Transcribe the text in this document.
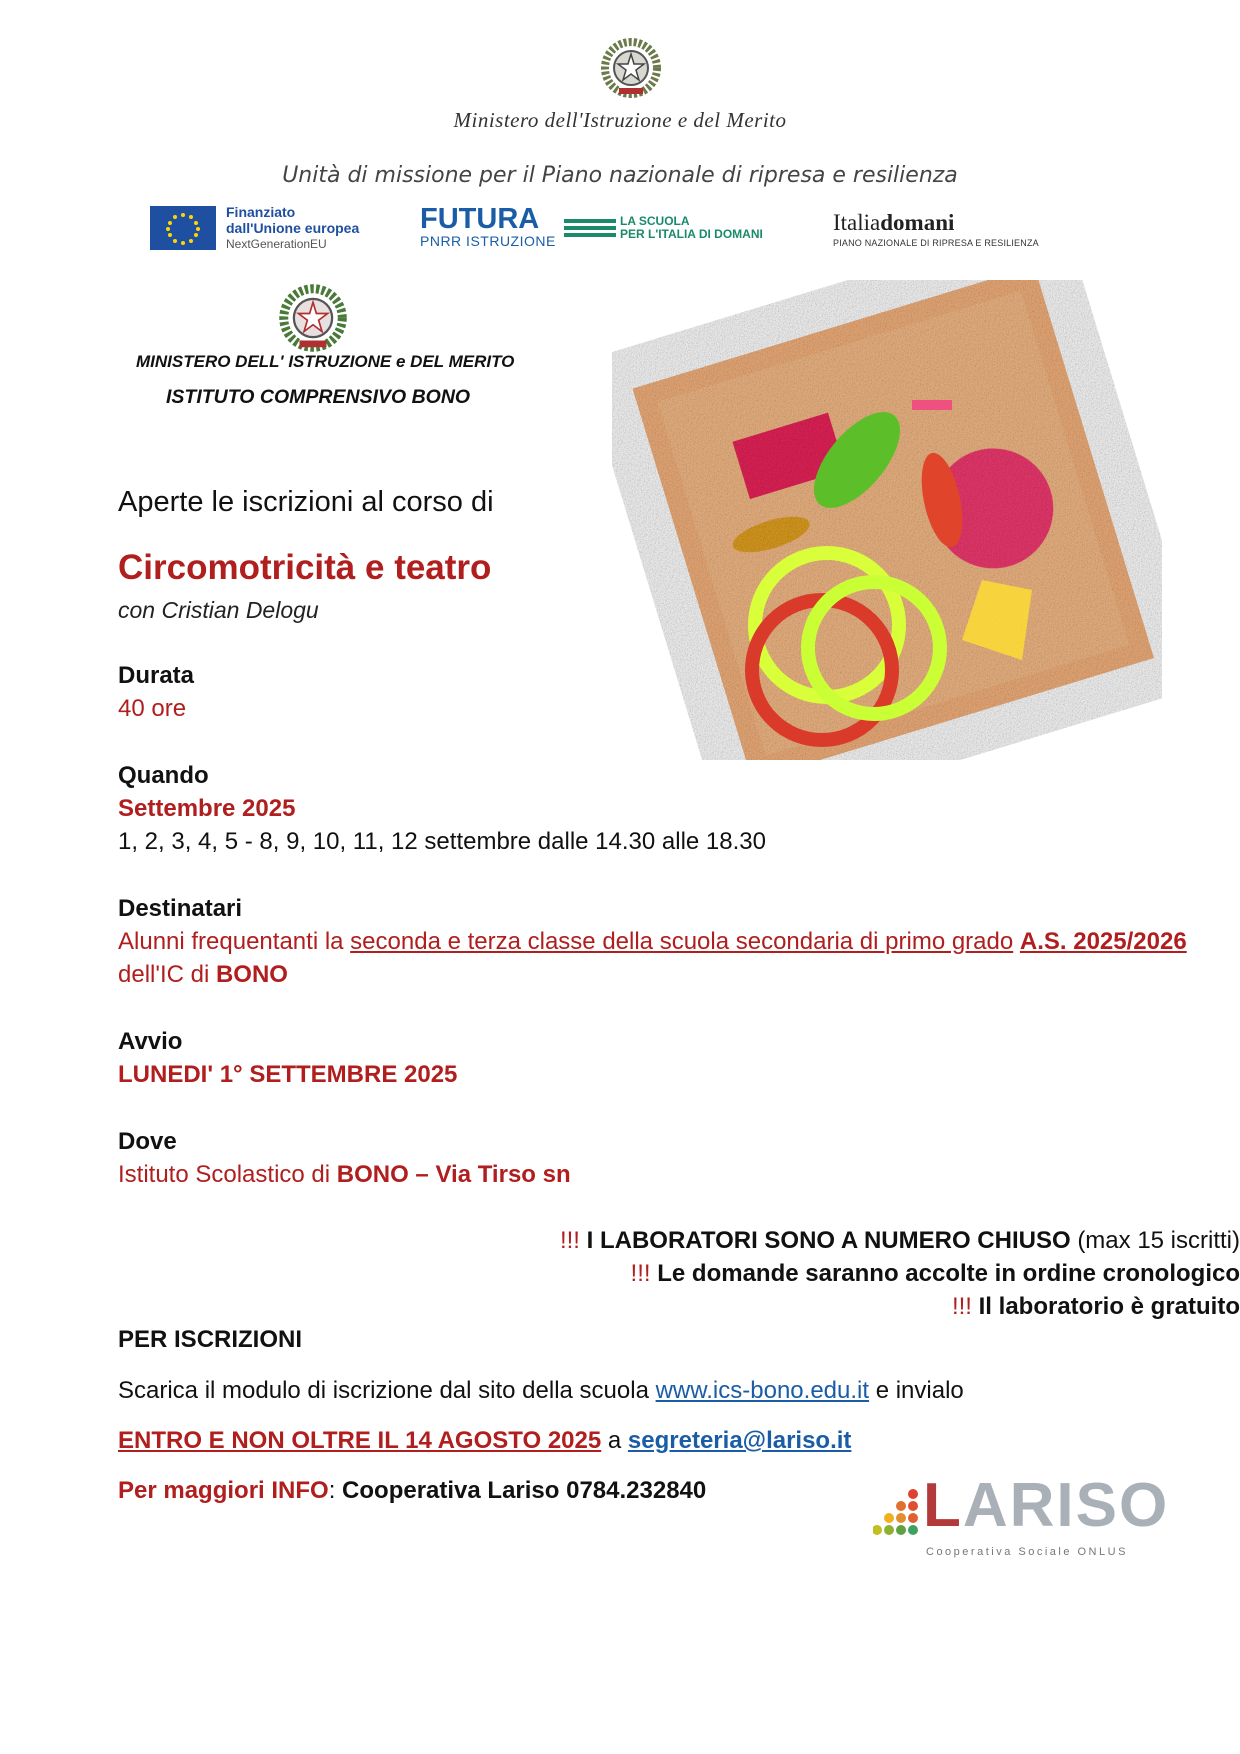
Ministero dell'Istruzione e del Merito
Unità di missione per il Piano nazionale di ripresa e resilienza
Finanziato
dall'Unione europea
NextGenerationEU
FUTURA
PNRR ISTRUZIONE
LA SCUOLA
PER L'ITALIA DI DOMANI	Italiadomani
PIANO NAZIONALE DI RIPRESA E RESILIENZA
MINISTERO DELL' ISTRUZIONE e DEL MERITO
ISTITUTO COMPRENSIVO BONO
Aperte le iscrizioni al corso di
Circomotricità e teatro
con Cristian Delogu
Durata
40 ore
Quando
Settembre 2025
1, 2, 3, 4, 5 - 8, 9, 10, 11, 12 settembre dalle 14.30 alle 18.30
Destinatari
Alunni frequentanti la seconda e terza classe della scuola secondaria di primo grado A.S. 2025/2026
dell'IC di BONO
Avvio
LUNEDI' 1° SETTEMBRE 2025
Dove
Istituto Scolastico di BONO – Via Tirso sn
!!! I LABORATORI SONO A NUMERO CHIUSO (max 15 iscritti)
!!! Le domande saranno accolte in ordine cronologico
!!! Il laboratorio è gratuito
PER ISCRIZIONI
Scarica il modulo di iscrizione dal sito della scuola www.ics-bono.edu.it e invialo
ENTRO E NON OLTRE IL 14 AGOSTO 2025 a segreteria@lariso.it
Per maggiori INFO: Cooperativa Lariso 0784.232840	LARISO
Cooperativa Sociale ONLUS
